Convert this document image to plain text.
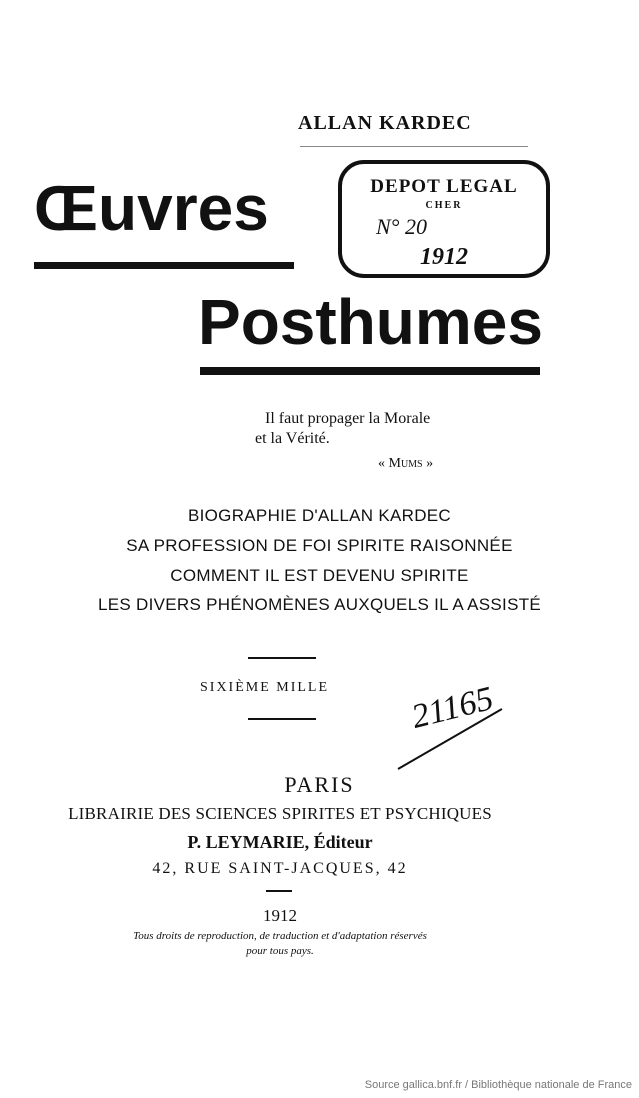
ALLAN KARDEC
Œuvres
Posthumes
DEPOT LEGAL
CHER
N° 20
1912
Il faut propager la Morale
et la Vérité.
« Mums »
BIOGRAPHIE D'ALLAN KARDEC
SA PROFESSION DE FOI SPIRITE RAISONNÉE
COMMENT IL EST DEVENU SPIRITE
LES DIVERS PHÉNOMÈNES AUXQUELS IL A ASSISTÉ
SIXIÈME MILLE 21165
PARIS
LIBRAIRIE DES SCIENCES SPIRITES ET PSYCHIQUES
P. LEYMARIE, Éditeur
42, RUE SAINT-JACQUES, 42
1912
Tous droits de reproduction, de traduction et d'adaptation réservés
pour tous pays.
Source gallica.bnf.fr / Bibliothèque nationale de France
